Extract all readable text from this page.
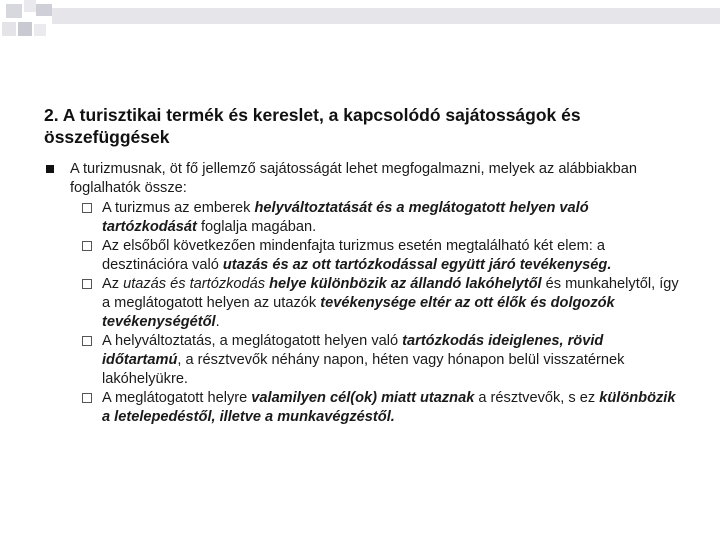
2. A turisztikai termék és kereslet, a kapcsolódó sajátosságok és összefüggések
A turizmusnak, öt fő jellemző sajátosságát lehet megfogalmazni, melyek az alábbiakban foglalhatók össze:
A turizmus az emberek helyváltoztatását és a meglátogatott helyen való tartózkodását foglalja magában.
Az elsőből következően mindenfajta turizmus esetén megtalálható két elem: a desztinációra való utazás és az ott tartózkodással együtt járó tevékenység.
Az utazás és tartózkodás helye különbözik az állandó lakóhelytől és munkahelytől, így a meglátogatott helyen az utazók tevékenysége eltér az ott élők és dolgozók tevékenységétől.
A helyváltoztatás, a meglátogatott helyen való tartózkodás ideiglenes, rövid időtartamú, a résztvevők néhány napon, héten vagy hónapon belül visszatérnek lakóhelyükre.
A meglátogatott helyre valamilyen cél(ok) miatt utaznak a résztvevők, s ez különbözik a letelepedéstől, illetve a munkavégzéstől.
